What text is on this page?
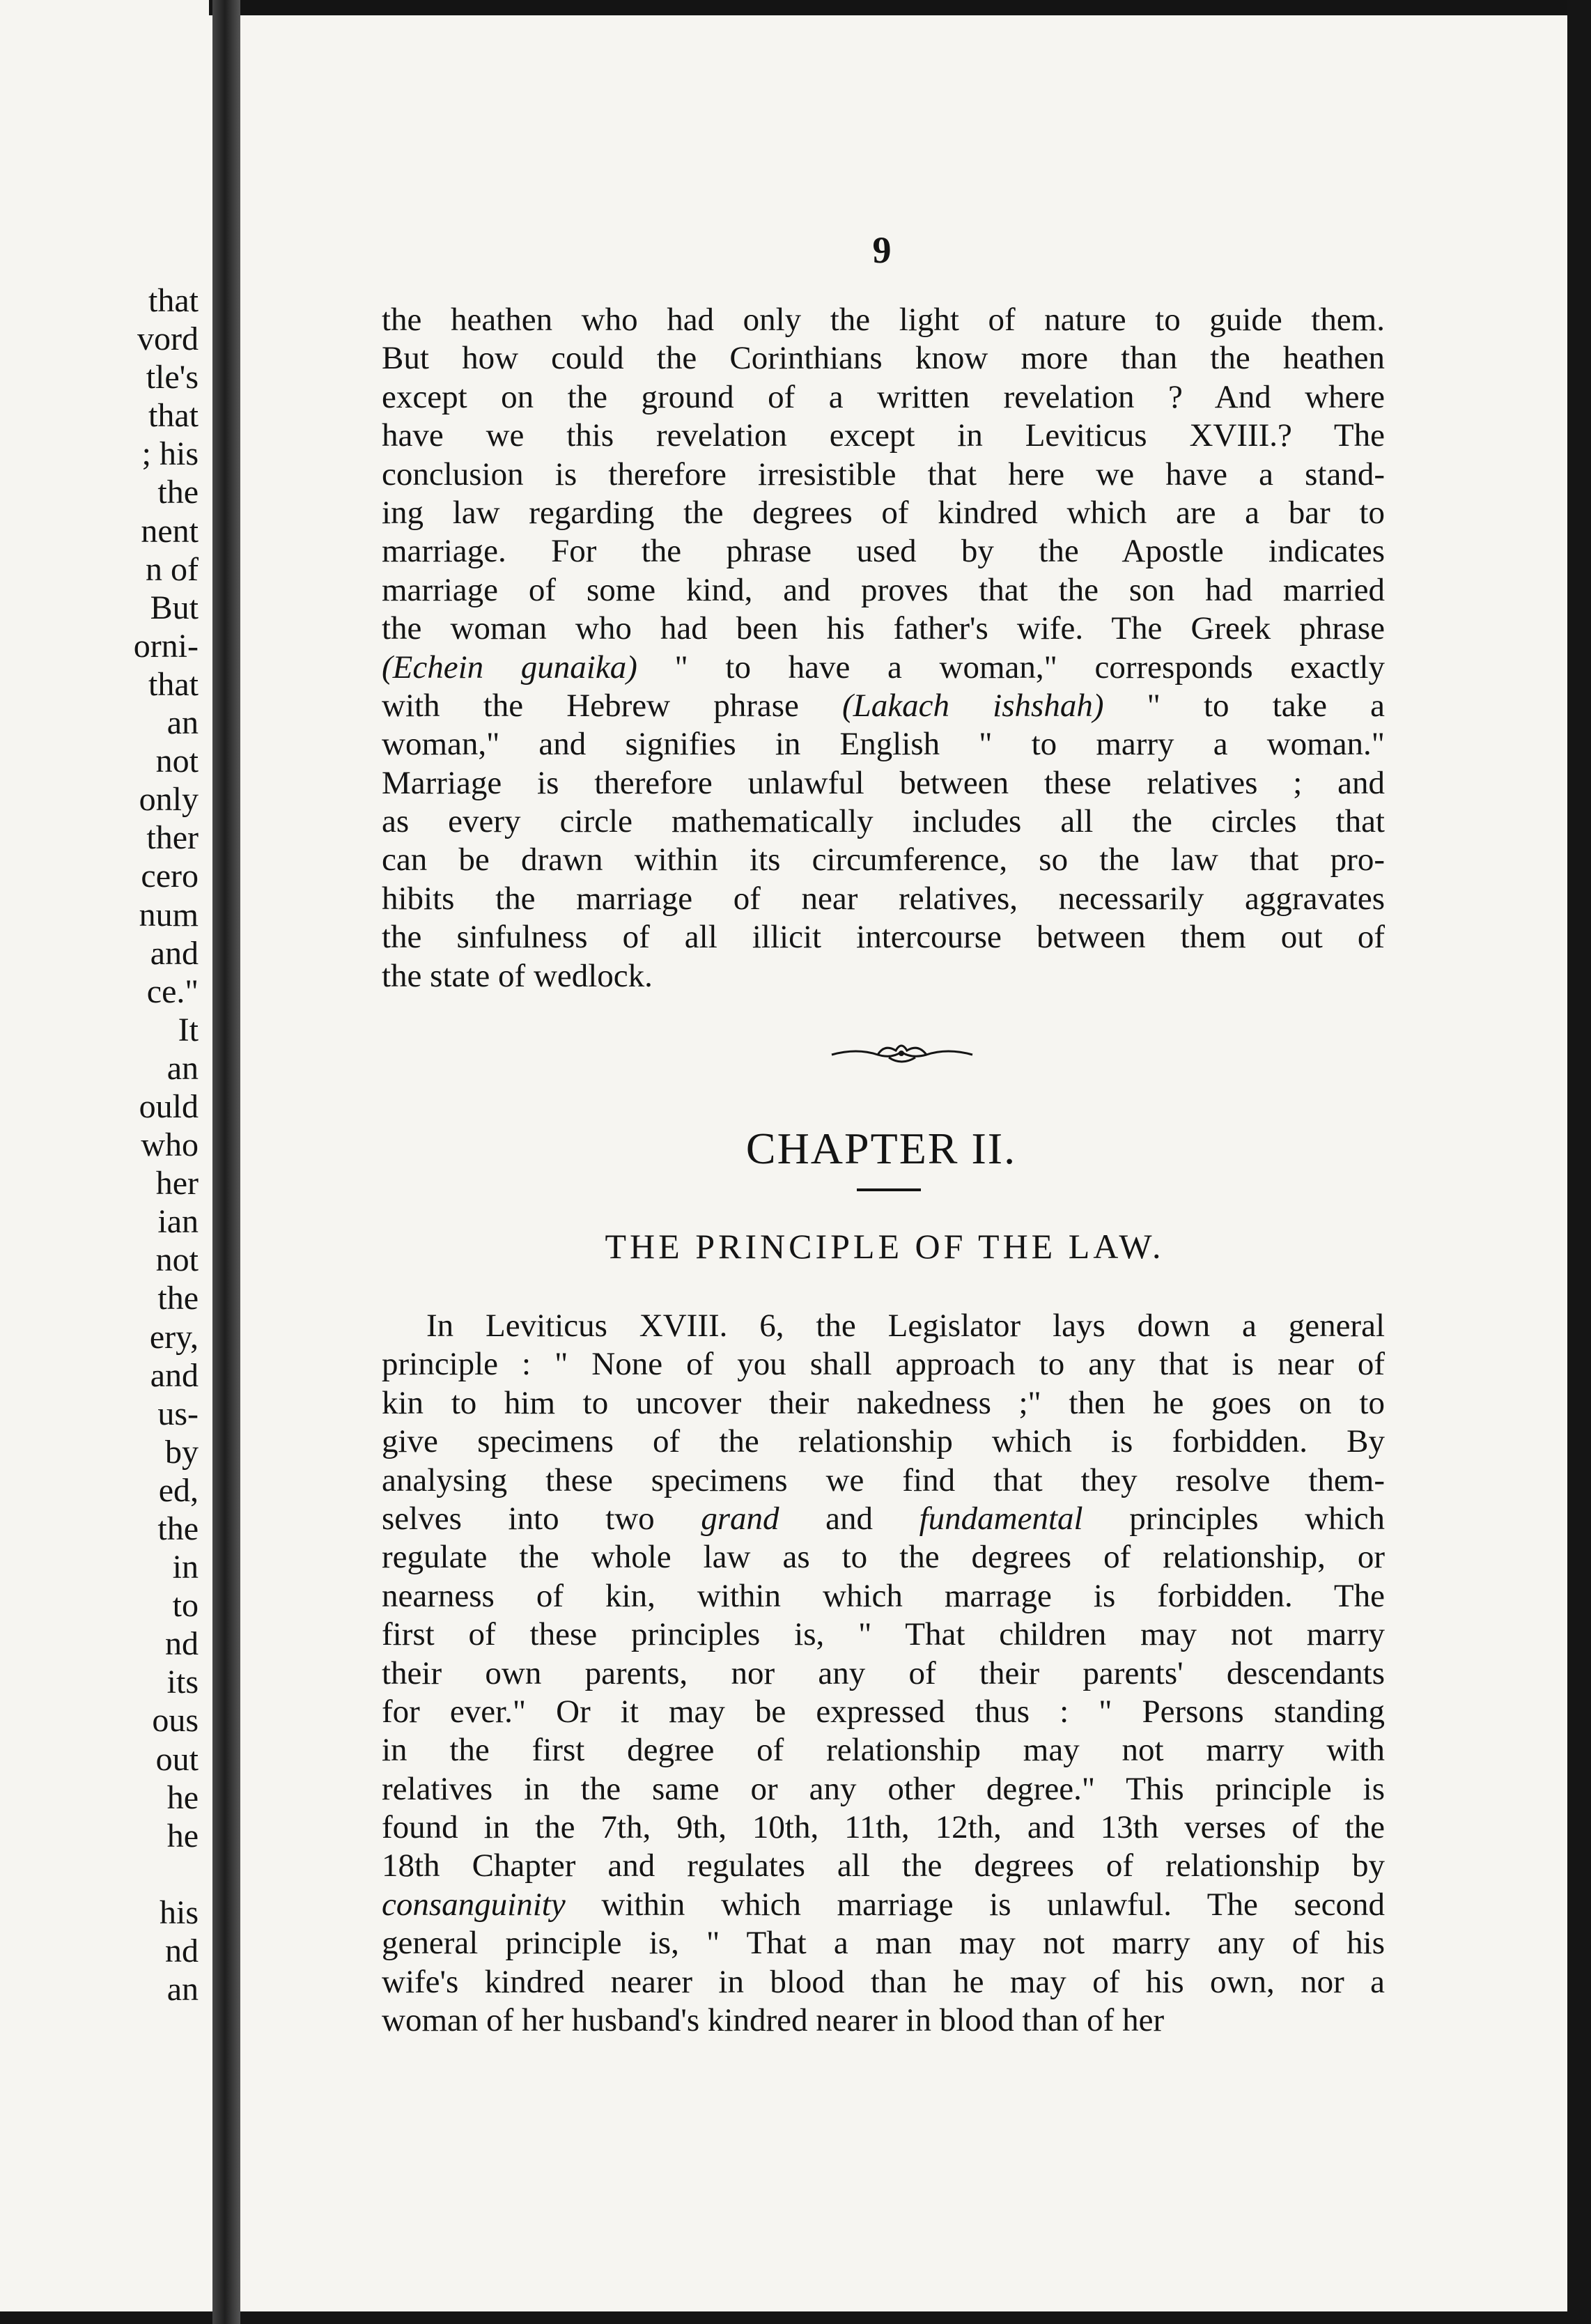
that
vord
tle's
that
; his
the
nent
n of
But
orni-
that
an
not
only
ther
cero
num
and
ce."
It
an
ould
who
her
ian
not
the
ery,
and
us-
by
ed,
the
in
to
nd
its
ous
out
he
he
his
nd
an
9
the heathen who had only the light of nature to guide them.
But how could the Corinthians know more than the heathen
except on the ground of a written revelation ? And where
have we this revelation except in Leviticus XVIII.? The
conclusion is therefore irresistible that here we have a stand-
ing law regarding the degrees of kindred which are a bar to
marriage. For the phrase used by the Apostle indicates
marriage of some kind, and proves that the son had married
the woman who had been his father's wife. The Greek phrase
(Echein gunaika) " to have a woman," corresponds exactly
with the Hebrew phrase (Lakach ishshah) " to take a
woman," and signifies in English " to marry a woman."
Marriage is therefore unlawful between these relatives ; and
as every circle mathematically includes all the circles that
can be drawn within its circumference, so the law that pro-
hibits the marriage of near relatives, necessarily aggravates
the sinfulness of all illicit intercourse between them out of
the state of wedlock.
CHAPTER II.
THE PRINCIPLE OF THE LAW.
In Leviticus XVIII. 6, the Legislator lays down a general
principle : " None of you shall approach to any that is near of
kin to him to uncover their nakedness ;" then he goes on to
give specimens of the relationship which is forbidden. By
analysing these specimens we find that they resolve them-
selves into two grand and fundamental principles which
regulate the whole law as to the degrees of relationship, or
nearness of kin, within which marrage is forbidden. The
first of these principles is, " That children may not marry
their own parents, nor any of their parents' descendants
for ever." Or it may be expressed thus : " Persons standing
in the first degree of relationship may not marry with
relatives in the same or any other degree." This principle is
found in the 7th, 9th, 10th, 11th, 12th, and 13th verses of the
18th Chapter and regulates all the degrees of relationship by
consanguinity within which marriage is unlawful. The second
general principle is, " That a man may not marry any of his
wife's kindred nearer in blood than he may of his own, nor a
woman of her husband's kindred nearer in blood than of her
